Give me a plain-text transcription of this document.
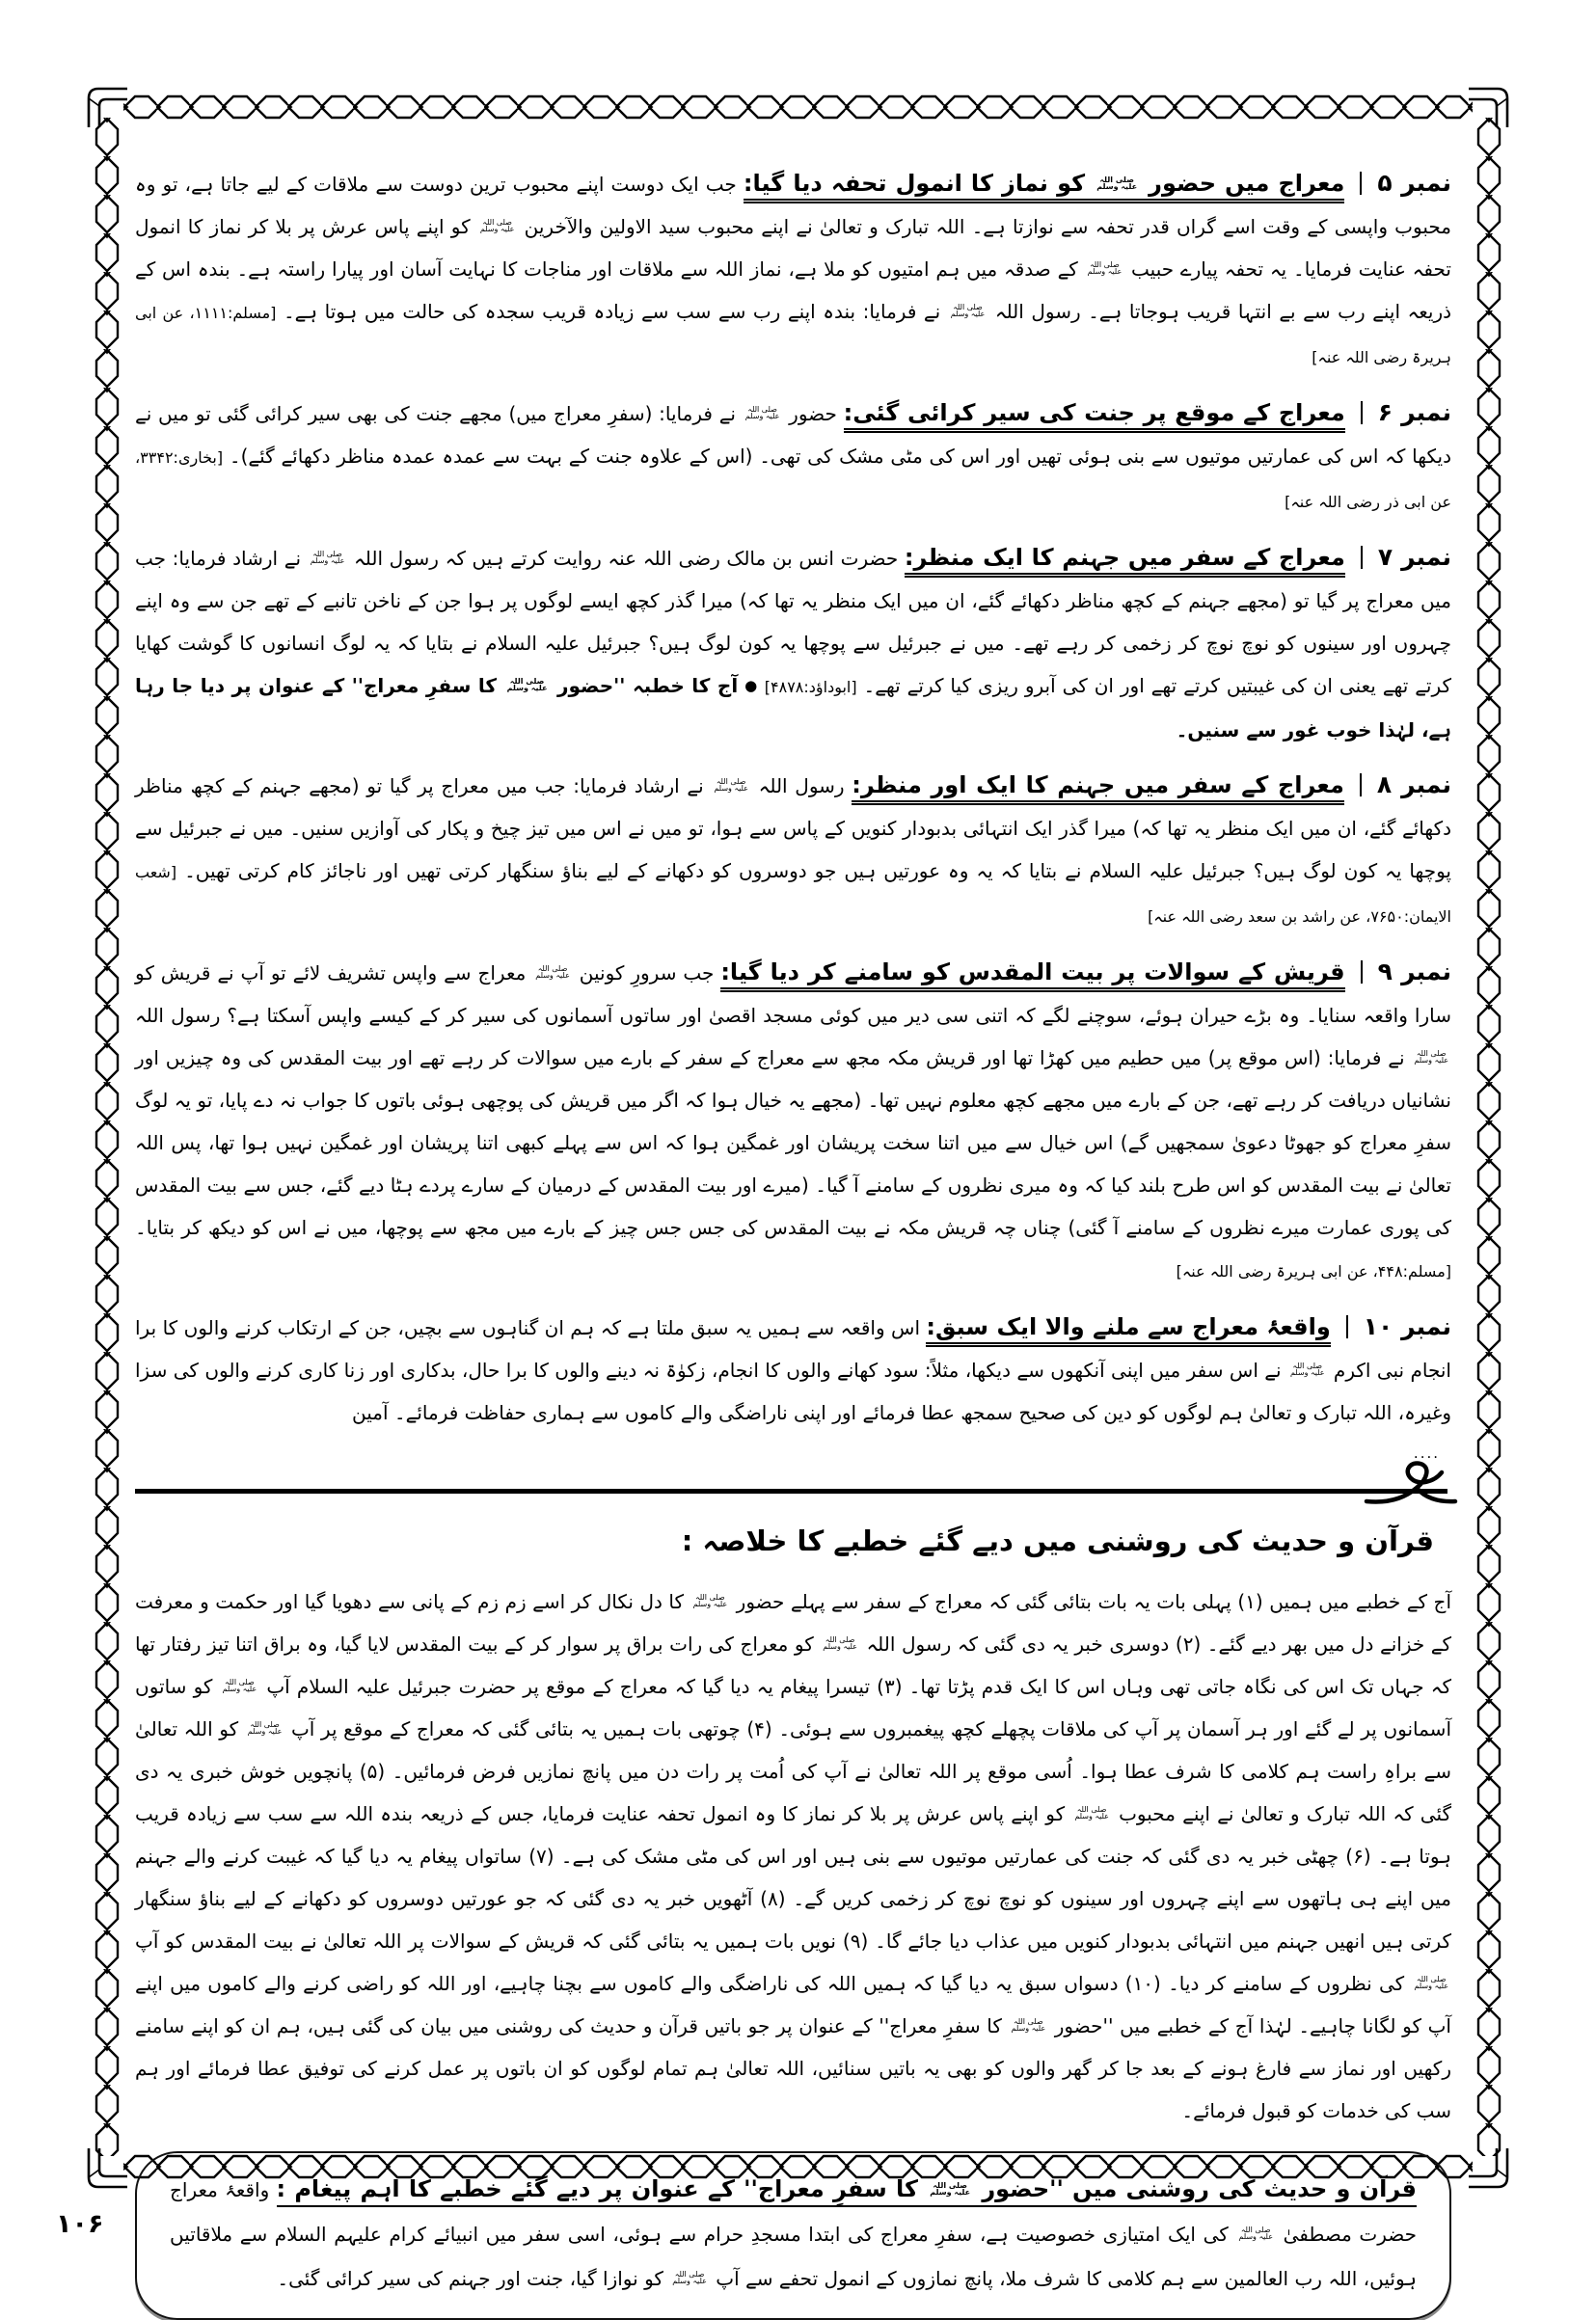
نمبر ۵معراج میں حضور صلی اللہ
علیہ وسلم کو نماز کا انمول تحفہ دیا گیا: جب ایک دوست اپنے محبوب ترین دوست سے ملاقات کے لیے جاتا ہے، تو وہ محبوب واپسی کے وقت اسے گراں قدر تحفہ سے نوازتا ہے۔ اللہ تبارک و تعالیٰ نے اپنے محبوب سید الاولین والآخرین صلی اللہ
علیہ وسلم کو اپنے پاس عرش پر بلا کر نماز کا انمول تحفہ عنایت فرمایا۔ یہ تحفہ پیارے حبیب صلی اللہ
علیہ وسلم کے صدقہ میں ہم امتیوں کو ملا ہے، نماز اللہ سے ملاقات اور مناجات کا نہایت آسان اور پیارا راستہ ہے۔ بندہ اس کے ذریعہ اپنے رب سے بے انتہا قریب ہوجاتا ہے۔ رسول اللہ صلی اللہ
علیہ وسلم نے فرمایا: بندہ اپنے رب سے سب سے زیادہ قریب سجدہ کی حالت میں ہوتا ہے۔ [مسلم:۱۱۱۱، عن ابی ہریرۃ رضی اللہ عنہ]

نمبر ۶معراج کے موقع پر جنت کی سیر کرائی گئی: حضور صلی اللہ
علیہ وسلم نے فرمایا: (سفرِ معراج میں) مجھے جنت کی بھی سیر کرائی گئی تو میں نے دیکھا کہ اس کی عمارتیں موتیوں سے بنی ہوئی تھیں اور اس کی مٹی مشک کی تھی۔ (اس کے علاوہ جنت کے بہت سے عمدہ عمدہ مناظر دکھائے گئے)۔ [بخاری:۳۳۴۲، عن ابی ذر رضی اللہ عنہ]

نمبر ۷معراج کے سفر میں جہنم کا ایک منظر: حضرت انس بن مالک رضی اللہ عنہ روایت کرتے ہیں کہ رسول اللہ صلی اللہ
علیہ وسلم نے ارشاد فرمایا: جب میں معراج پر گیا تو (مجھے جہنم کے کچھ مناظر دکھائے گئے، ان میں ایک منظر یہ تھا کہ) میرا گذر کچھ ایسے لوگوں پر ہوا جن کے ناخن تانبے کے تھے جن سے وہ اپنے چہروں اور سینوں کو نوچ نوچ کر زخمی کر رہے تھے۔ میں نے جبرئیل سے پوچھا یہ کون لوگ ہیں؟ جبرئیل علیہ السلام نے بتایا کہ یہ لوگ انسانوں کا گوشت کھایا کرتے تھے یعنی ان کی غیبتیں کرتے تھے اور ان کی آبرو ریزی کیا کرتے تھے۔ [ابوداؤد:۴۸۷۸] ● آج کا خطبہ ''حضور صلی اللہ
علیہ وسلم کا سفرِ معراج'' کے عنوان پر دیا جا رہا ہے، لہٰذا خوب غور سے سنیں۔

نمبر ۸معراج کے سفر میں جہنم کا ایک اور منظر: رسول اللہ صلی اللہ
علیہ وسلم نے ارشاد فرمایا: جب میں معراج پر گیا تو (مجھے جہنم کے کچھ مناظر دکھائے گئے، ان میں ایک منظر یہ تھا کہ) میرا گذر ایک انتہائی بدبودار کنویں کے پاس سے ہوا، تو میں نے اس میں تیز چیخ و پکار کی آوازیں سنیں۔ میں نے جبرئیل سے پوچھا یہ کون لوگ ہیں؟ جبرئیل علیہ السلام نے بتایا کہ یہ وہ عورتیں ہیں جو دوسروں کو دکھانے کے لیے بناؤ سنگھار کرتی تھیں اور ناجائز کام کرتی تھیں۔ [شعب الایمان:۷۶۵۰، عن راشد بن سعد رضی اللہ عنہ]

نمبر ۹قریش کے سوالات پر بیت المقدس کو سامنے کر دیا گیا: جب سرورِ کونین صلی اللہ
علیہ وسلم معراج سے واپس تشریف لائے تو آپ نے قریش کو سارا واقعہ سنایا۔ وہ بڑے حیران ہوئے، سوچنے لگے کہ اتنی سی دیر میں کوئی مسجد اقصیٰ اور ساتوں آسمانوں کی سیر کر کے کیسے واپس آسکتا ہے؟ رسول اللہ صلی اللہ
علیہ وسلم نے فرمایا: (اس موقع پر) میں حطیم میں کھڑا تھا اور قریش مکہ مجھ سے معراج کے سفر کے بارے میں سوالات کر رہے تھے اور بیت المقدس کی وہ چیزیں اور نشانیاں دریافت کر رہے تھے، جن کے بارے میں مجھے کچھ معلوم نہیں تھا۔ (مجھے یہ خیال ہوا کہ اگر میں قریش کی پوچھی ہوئی باتوں کا جواب نہ دے پایا، تو یہ لوگ سفرِ معراج کو جھوٹا دعویٰ سمجھیں گے) اس خیال سے میں اتنا سخت پریشان اور غمگین ہوا کہ اس سے پہلے کبھی اتنا پریشان اور غمگین نہیں ہوا تھا، پس اللہ تعالیٰ نے بیت المقدس کو اس طرح بلند کیا کہ وہ میری نظروں کے سامنے آ گیا۔ (میرے اور بیت المقدس کے درمیان کے سارے پردے ہٹا دیے گئے، جس سے بیت المقدس کی پوری عمارت میرے نظروں کے سامنے آ گئی) چناں چہ قریش مکہ نے بیت المقدس کی جس جس چیز کے بارے میں مجھ سے پوچھا، میں نے اس کو دیکھ کر بتایا۔ [مسلم:۴۴۸، عن ابی ہریرۃ رضی اللہ عنہ]

نمبر ۱۰واقعۂ معراج سے ملنے والا ایک سبق: اس واقعہ سے ہمیں یہ سبق ملتا ہے کہ ہم ان گناہوں سے بچیں، جن کے ارتکاب کرنے والوں کا برا انجام نبی اکرم صلی اللہ
علیہ وسلم نے اس سفر میں اپنی آنکھوں سے دیکھا، مثلاً: سود کھانے والوں کا انجام، زکوٰۃ نہ دینے والوں کا برا حال، بدکاری اور زنا کاری کرنے والوں کی سزا وغیرہ، اللہ تبارک و تعالیٰ ہم لوگوں کو دین کی صحیح سمجھ عطا فرمائے اور اپنی ناراضگی والے کاموں سے ہماری حفاظت فرمائے۔ آمین

....
قرآن و حدیث کی روشنی میں دیے گئے خطبے کا خلاصہ :

آج کے خطبے میں ہمیں (۱) پہلی بات یہ بات بتائی گئی کہ معراج کے سفر سے پہلے حضور صلی اللہ
علیہ وسلم کا دل نکال کر اسے زم زم کے پانی سے دھویا گیا اور حکمت و معرفت کے خزانے دل میں بھر دیے گئے۔ (۲) دوسری خبر یہ دی گئی کہ رسول اللہ صلی اللہ
علیہ وسلم کو معراج کی رات براق پر سوار کر کے بیت المقدس لایا گیا، وہ براق اتنا تیز رفتار تھا کہ جہاں تک اس کی نگاہ جاتی تھی وہاں اس کا ایک قدم پڑتا تھا۔ (۳) تیسرا پیغام یہ دیا گیا کہ معراج کے موقع پر حضرت جبرئیل علیہ السلام آپ صلی اللہ
علیہ وسلم کو ساتوں آسمانوں پر لے گئے اور ہر آسمان پر آپ کی ملاقات پچھلے کچھ پیغمبروں سے ہوئی۔ (۴) چوتھی بات ہمیں یہ بتائی گئی کہ معراج کے موقع پر آپ صلی اللہ
علیہ وسلم کو اللہ تعالیٰ سے براہِ راست ہم کلامی کا شرف عطا ہوا۔ اُسی موقع پر اللہ تعالیٰ نے آپ کی اُمت پر رات دن میں پانچ نمازیں فرض فرمائیں۔ (۵) پانچویں خوش خبری یہ دی گئی کہ اللہ تبارک و تعالیٰ نے اپنے محبوب صلی اللہ
علیہ وسلم کو اپنے پاس عرش پر بلا کر نماز کا وہ انمول تحفہ عنایت فرمایا، جس کے ذریعہ بندہ اللہ سے سب سے زیادہ قریب ہوتا ہے۔ (۶) چھٹی خبر یہ دی گئی کہ جنت کی عمارتیں موتیوں سے بنی ہیں اور اس کی مٹی مشک کی ہے۔ (۷) ساتواں پیغام یہ دیا گیا کہ غیبت کرنے والے جہنم میں اپنے ہی ہاتھوں سے اپنے چہروں اور سینوں کو نوچ نوچ کر زخمی کریں گے۔ (۸) آٹھویں خبر یہ دی گئی کہ جو عورتیں دوسروں کو دکھانے کے لیے بناؤ سنگھار کرتی ہیں انھیں جہنم میں انتہائی بدبودار کنویں میں عذاب دیا جائے گا۔ (۹) نویں بات ہمیں یہ بتائی گئی کہ قریش کے سوالات پر اللہ تعالیٰ نے بیت المقدس کو آپ صلی اللہ
علیہ وسلم کی نظروں کے سامنے کر دیا۔ (۱۰) دسواں سبق یہ دیا گیا کہ ہمیں اللہ کی ناراضگی والے کاموں سے بچنا چاہیے، اور اللہ کو راضی کرنے والے کاموں میں اپنے آپ کو لگانا چاہیے۔ لہٰذا آج کے خطبے میں ''حضور صلی اللہ
علیہ وسلم کا سفرِ معراج'' کے عنوان پر جو باتیں قرآن و حدیث کی روشنی میں بیان کی گئی ہیں، ہم ان کو اپنے سامنے رکھیں اور نماز سے فارغ ہونے کے بعد جا کر گھر والوں کو بھی یہ باتیں سنائیں، اللہ تعالیٰ ہم تمام لوگوں کو ان باتوں پر عمل کرنے کی توفیق عطا فرمائے اور ہم سب کی خدمات کو قبول فرمائے۔

قرآن و حدیث کی روشنی میں ''حضور صلی اللہ
علیہ وسلم کا سفرِ معراج'' کے عنوان پر دیے گئے خطبے کا اہم پیغام : واقعۂ معراج حضرت مصطفیٰ صلی اللہ
علیہ وسلم کی ایک امتیازی خصوصیت ہے، سفرِ معراج کی ابتدا مسجدِ حرام سے ہوئی، اسی سفر میں انبیائے کرام علیہم السلام سے ملاقاتیں ہوئیں، اللہ رب العالمین سے ہم کلامی کا شرف ملا، پانچ نمازوں کے انمول تحفے سے آپ صلی اللہ
علیہ وسلم کو نوازا گیا، جنت اور جہنم کی سیر کرائی گئی۔
۱۰۶
